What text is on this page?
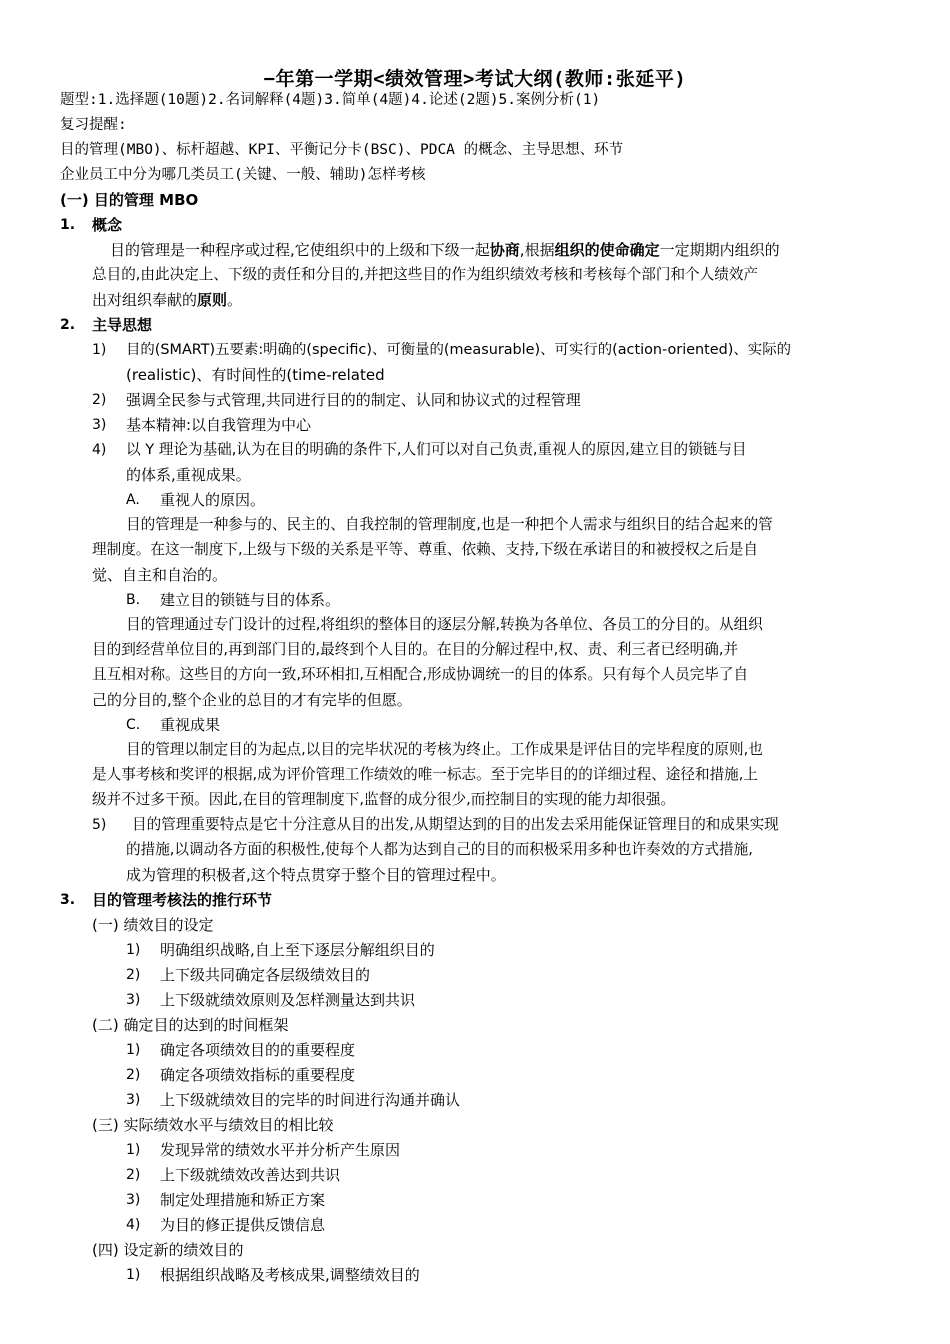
−年第一学期<绩效管理>考试大纲(教师:张延平)
题型:1.选择题(10题)2.名词解释(4题)3.简单(4题)4.论述(2题)5.案例分析(1)
复习提醒:
目的管理(MBO)、标杆超越、KPI、平衡记分卡(BSC)、PDCA 的概念、主导思想、环节
企业员工中分为哪几类员工(关键、一般、辅助)怎样考核
(一) 目的管理 MBO
1. 概念
目的管理是一种程序或过程,它使组织中的上级和下级一起协商,根据组织的使命确定一定期期内组织的
总目的,由此决定上、下级的责任和分目的,并把这些目的作为组织绩效考核和考核每个部门和个人绩效产
出对组织奉献的原则。
2. 主导思想
1) 目的(SMART)五要素:明确的(specific)、可衡量的(measurable)、可实行的(action-oriented)、实际的
(realistic)、有时间性的(time-related
2) 强调全民参与式管理,共同进行目的的制定、认同和协议式的过程管理
3) 基本精神:以自我管理为中心
4) 以 Y 理论为基础,认为在目的明确的条件下,人们可以对自己负责,重视人的原因,建立目的锁链与目
的体系,重视成果。
A. 重视人的原因。
目的管理是一种参与的、民主的、自我控制的管理制度,也是一种把个人需求与组织目的结合起来的管
理制度。在这一制度下,上级与下级的关系是平等、尊重、依赖、支持,下级在承诺目的和被授权之后是自
觉、自主和自治的。
B. 建立目的锁链与目的体系。
目的管理通过专门设计的过程,将组织的整体目的逐层分解,转换为各单位、各员工的分目的。从组织
目的到经营单位目的,再到部门目的,最终到个人目的。在目的分解过程中,权、责、利三者已经明确,并
且互相对称。这些目的方向一致,环环相扣,互相配合,形成协调统一的目的体系。只有每个人员完毕了自
己的分目的,整个企业的总目的才有完毕的但愿。
C. 重视成果
目的管理以制定目的为起点,以目的完毕状况的考核为终止。工作成果是评估目的完毕程度的原则,也
是人事考核和奖评的根据,成为评价管理工作绩效的唯一标志。至于完毕目的的详细过程、途径和措施,上
级并不过多干预。因此,在目的管理制度下,监督的成分很少,而控制目的实现的能力却很强。
5) 目的管理重要特点是它十分注意从目的出发,从期望达到的目的出发去采用能保证管理目的和成果实现
的措施,以调动各方面的积极性,使每个人都为达到自己的目的而积极采用多种也许奏效的方式措施,
成为管理的积极者,这个特点贯穿于整个目的管理过程中。
3. 目的管理考核法的推行环节
(一) 绩效目的设定
1) 明确组织战略,自上至下逐层分解组织目的
2) 上下级共同确定各层级绩效目的
3) 上下级就绩效原则及怎样测量达到共识
(二) 确定目的达到的时间框架
1) 确定各项绩效目的的重要程度
2) 确定各项绩效指标的重要程度
3) 上下级就绩效目的完毕的时间进行沟通并确认
(三) 实际绩效水平与绩效目的相比较
1) 发现异常的绩效水平并分析产生原因
2) 上下级就绩效改善达到共识
3) 制定处理措施和矫正方案
4) 为目的修正提供反馈信息
(四) 设定新的绩效目的
1) 根据组织战略及考核成果,调整绩效目的
